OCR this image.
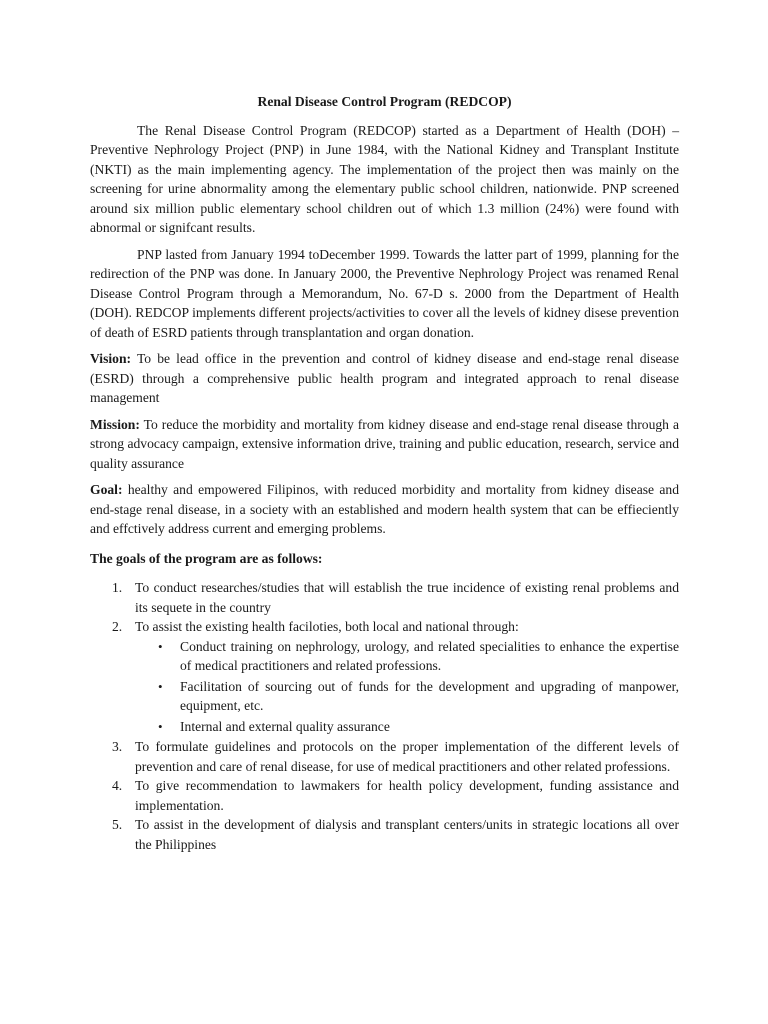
Renal Disease Control Program (REDCOP)

The Renal Disease Control Program (REDCOP) started as a Department of Health (DOH) – Preventive Nephrology Project (PNP) in June 1984, with the National Kidney and Transplant Institute (NKTI) as the main implementing agency. The implementation of the project then was mainly on the screening for urine abnormality among the elementary public school children, nationwide. PNP screened around six million public elementary school children out of which 1.3 million (24%) were found with abnormal or signifcant results.

PNP lasted from January 1994 toDecember 1999. Towards the latter part of 1999, planning for the redirection of the PNP was done. In January 2000, the Preventive Nephrology Project was renamed Renal Disease Control Program through a Memorandum, No. 67-D s. 2000 from the Department of Health (DOH). REDCOP implements different projects/activities to cover all the levels of kidney disese prevention of death of ESRD patients through transplantation and organ donation.

Vision: To be lead office in the prevention and control of kidney disease and end-stage renal disease (ESRD) through a comprehensive public health program and integrated approach to renal disease management

Mission: To reduce the morbidity and mortality from kidney disease and end-stage renal disease through a strong advocacy campaign, extensive information drive, training and public education, research, service and quality assurance

Goal: healthy and empowered Filipinos, with reduced morbidity and mortality from kidney disease and end-stage renal disease, in a society with an established and modern health system that can be effieciently and effctively address current and emerging problems.

The goals of the program are as follows:
1. To conduct researches/studies that will establish the true incidence of existing renal problems and its sequete in the country
2. To assist the existing health faciloties, both local and national through:
• Conduct training on nephrology, urology, and related specialities to enhance the expertise of medical practitioners and related professions.
• Facilitation of sourcing out of funds for the development and upgrading of manpower, equipment, etc.
• Internal and external quality assurance
3. To formulate guidelines and protocols on the proper implementation of the different levels of prevention and care of renal disease, for use of medical practitioners and other related professions.
4. To give recommendation to lawmakers for health policy development, funding assistance and implementation.
5. To assist in the development of dialysis and transplant centers/units in strategic locations all over the Philippines
